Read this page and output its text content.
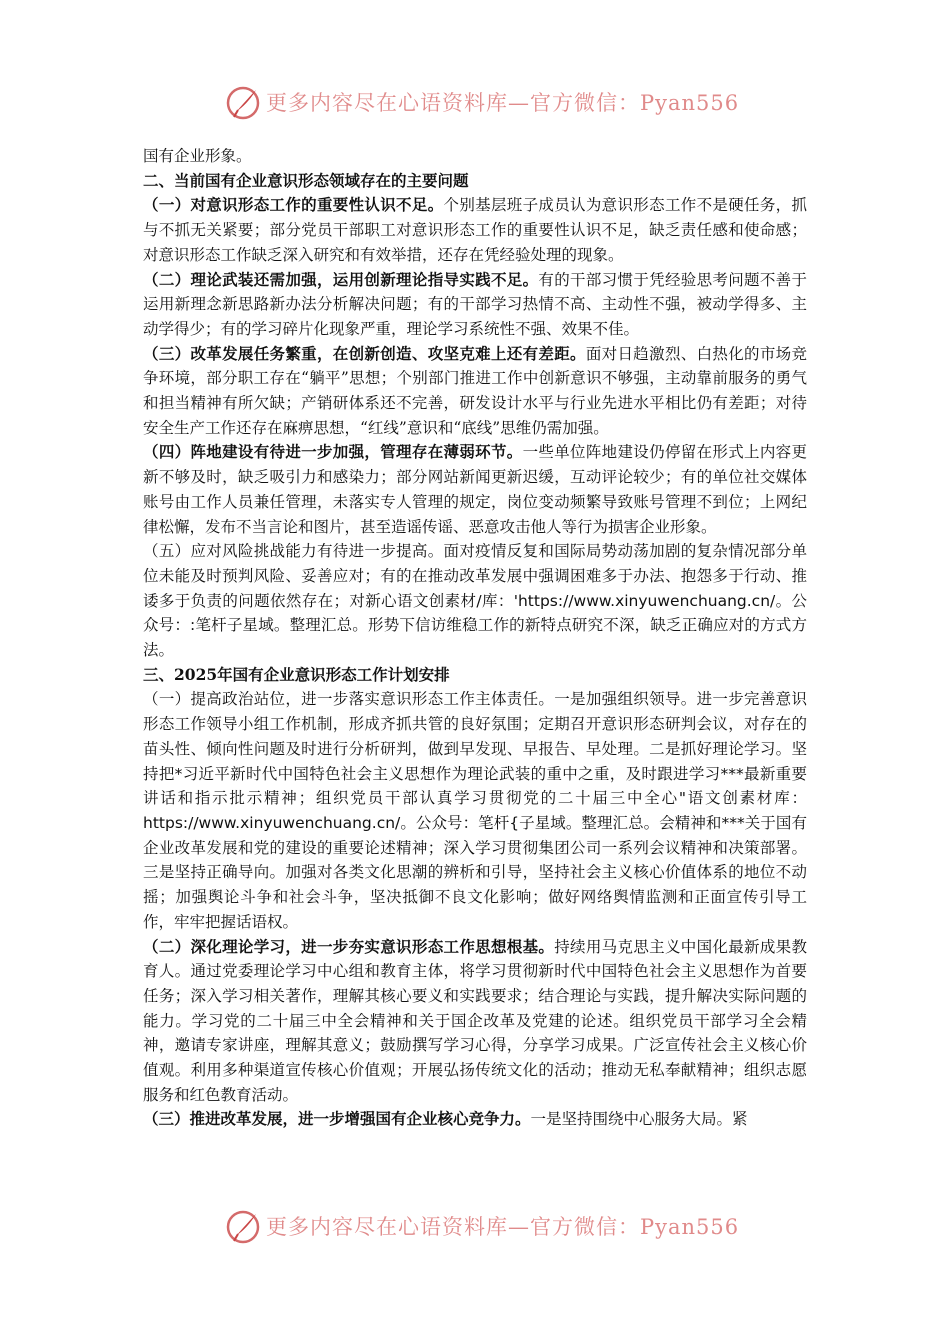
更多内容尽在心语资料库—官方微信：Pyan556

国有企业形象。

二、当前国有企业意识形态领域存在的主要问题

（一）对意识形态工作的重要性认识不足。个别基层班子成员认为意识形态工作不是硬任务，抓与不抓无关紧要；部分党员干部职工对意识形态工作的重要性认识不足，缺乏责任感和使命感；对意识形态工作缺乏深入研究和有效举措，还存在凭经验处理的现象。

（二）理论武装还需加强，运用创新理论指导实践不足。有的干部习惯于凭经验思考问题不善于运用新理念新思路新办法分析解决问题；有的干部学习热情不高、主动性不强，被动学得多、主动学得少；有的学习碎片化现象严重，理论学习系统性不强、效果不佳。

（三）改革发展任务繁重，在创新创造、攻坚克难上还有差距。面对日趋激烈、白热化的市场竞争环境，部分职工存在“躺平”思想；个别部门推进工作中创新意识不够强，主动靠前服务的勇气和担当精神有所欠缺；产销研体系还不完善，研发设计水平与行业先进水平相比仍有差距；对待安全生产工作还存在麻痹思想，“红线”意识和“底线”思维仍需加强。

（四）阵地建设有待进一步加强，管理存在薄弱环节。一些单位阵地建设仍停留在形式上内容更新不够及时，缺乏吸引力和感染力；部分网站新闻更新迟缓，互动评论较少；有的单位社交媒体账号由工作人员兼任管理，未落实专人管理的规定，岗位变动频繁导致账号管理不到位；上网纪律松懈，发布不当言论和图片，甚至造谣传谣、恶意攻击他人等行为损害企业形象。

（五）应对风险挑战能力有待进一步提高。面对疫情反复和国际局势动荡加剧的复杂情况部分单位未能及时预判风险、妥善应对；有的在推动改革发展中强调困难多于办法、抱怨多于行动、推诿多于负责的问题依然存在；对新心语文创素材/库：'https://www.xinyuwenchuang.cn/。公众号：:笔杆子星域。整理汇总。形势下信访维稳工作的新特点研究不深，缺乏正确应对的方式方法。

三、2025年国有企业意识形态工作计划安排

（一）提高政治站位，进一步落实意识形态工作主体责任。一是加强组织领导。进一步完善意识形态工作领导小组工作机制，形成齐抓共管的良好氛围；定期召开意识形态研判会议，对存在的苗头性、倾向性问题及时进行分析研判，做到早发现、早报告、早处理。二是抓好理论学习。坚持把*习近平新时代中国特色社会主义思想作为理论武装的重中之重，及时跟进学习***最新重要讲话和指示批示精神；组织党员干部认真学习贯彻党的二十届三中全心"语文创素材库：https://www.xinyuwenchuang.cn/。公众号：笔杆{子星域。整理汇总。会精神和***关于国有企业改革发展和党的建设的重要论述精神；深入学习贯彻集团公司一系列会议精神和决策部署。三是坚持正确导向。加强对各类文化思潮的辨析和引导，坚持社会主义核心价值体系的地位不动摇；加强舆论斗争和社会斗争，坚决抵御不良文化影响；做好网络舆情监测和正面宣传引导工作，牢牢把握话语权。

（二）深化理论学习，进一步夯实意识形态工作思想根基。持续用马克思主义中国化最新成果教育人。通过党委理论学习中心组和教育主体，将学习贯彻新时代中国特色社会主义思想作为首要任务；深入学习相关著作，理解其核心要义和实践要求；结合理论与实践，提升解决实际问题的能力。学习党的二十届三中全会精神和关于国企改革及党建的论述。组织党员干部学习全会精神，邀请专家讲座，理解其意义；鼓励撰写学习心得，分享学习成果。广泛宣传社会主义核心价值观。利用多种渠道宣传核心价值观；开展弘扬传统文化的活动；推动无私奉献精神；组织志愿服务和红色教育活动。

（三）推进改革发展，进一步增强国有企业核心竞争力。一是坚持围绕中心服务大局。紧

更多内容尽在心语资料库—官方微信：Pyan556
